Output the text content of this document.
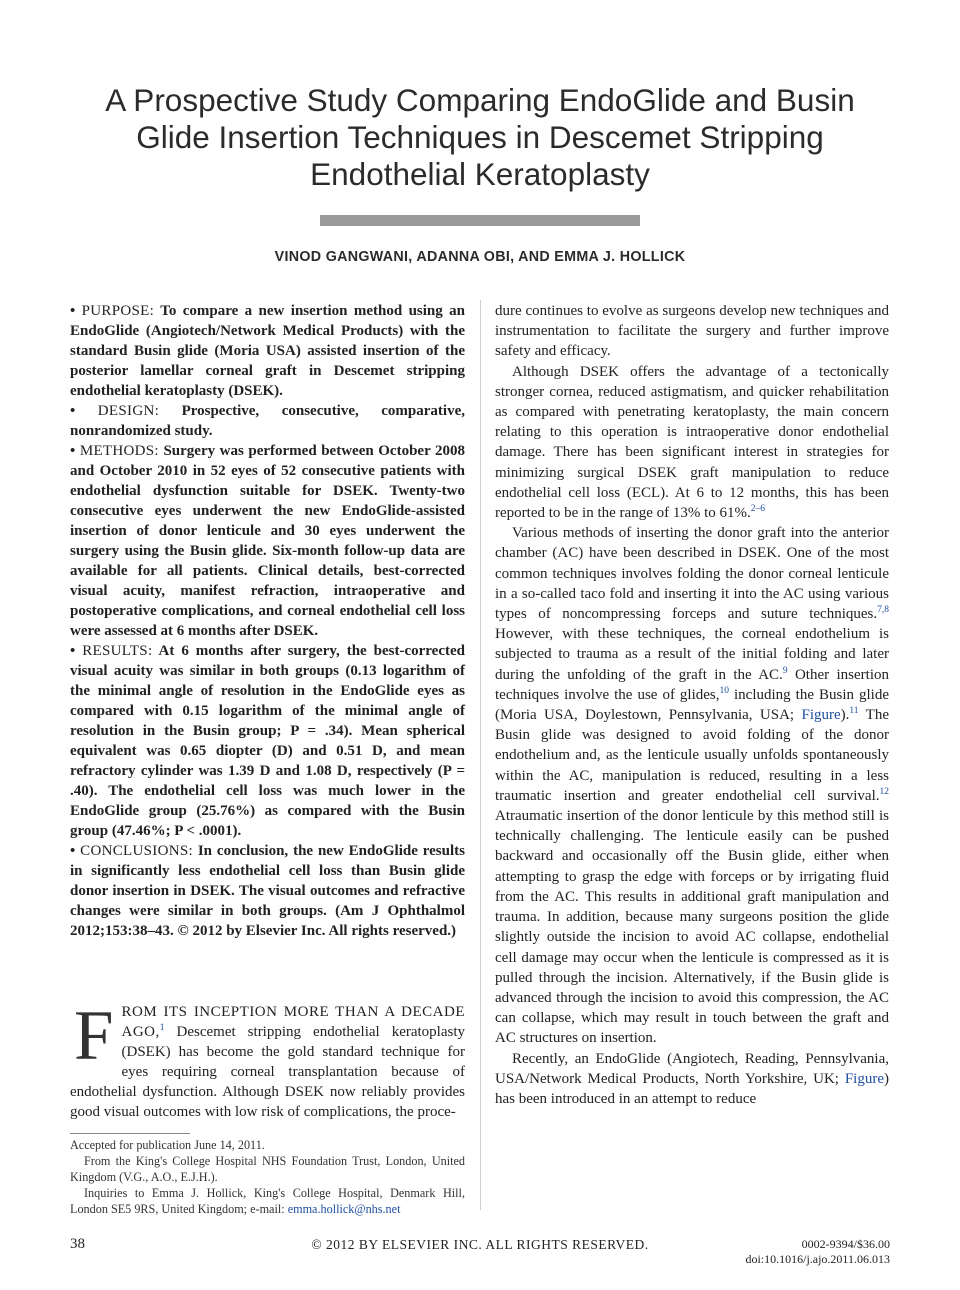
A Prospective Study Comparing EndoGlide and Busin
Glide Insertion Techniques in Descemet Stripping
Endothelial Keratoplasty
VINOD GANGWANI, ADANNA OBI, AND EMMA J. HOLLICK

• PURPOSE: To compare a new insertion method using an EndoGlide (Angiotech/Network Medical Products) with the standard Busin glide (Moria USA) assisted insertion of the posterior lamellar corneal graft in Descemet stripping endothelial keratoplasty (DSEK).

• DESIGN: Prospective, consecutive, comparative, nonrandomized study.

• METHODS: Surgery was performed between October 2008 and October 2010 in 52 eyes of 52 consecutive patients with endothelial dysfunction suitable for DSEK. Twenty-two consecutive eyes underwent the new EndoGlide-assisted insertion of donor lenticule and 30 eyes underwent the surgery using the Busin glide. Six-month follow-up data are available for all patients. Clinical details, best-corrected visual acuity, manifest refraction, intraoperative and postoperative complications, and corneal endothelial cell loss were assessed at 6 months after DSEK.

• RESULTS: At 6 months after surgery, the best-corrected visual acuity was similar in both groups (0.13 logarithm of the minimal angle of resolution in the EndoGlide eyes as compared with 0.15 logarithm of the minimal angle of resolution in the Busin group; P = .34). Mean spherical equivalent was 0.65 diopter (D) and 0.51 D, and mean refractory cylinder was 1.39 D and 1.08 D, respectively (P = .40). The endothelial cell loss was much lower in the EndoGlide group (25.76%) as compared with the Busin group (47.46%; P < .0001).

• CONCLUSIONS: In conclusion, the new EndoGlide results in significantly less endothelial cell loss than Busin glide donor insertion in DSEK. The visual outcomes and refractive changes were similar in both groups. (Am J Ophthalmol 2012;153:38–43. © 2012 by Elsevier Inc. All rights reserved.)

FROM ITS INCEPTION MORE THAN A DECADE AGO,$^1$ Descemet stripping endothelial keratoplasty (DSEK) has become the gold standard technique for eyes requiring corneal transplantation because of endothelial dysfunction. Although DSEK now reliably provides good visual outcomes with low risk of complications, the proce-

Accepted for publication June 14, 2011.

From the King's College Hospital NHS Foundation Trust, London, United Kingdom (V.G., A.O., E.J.H.).

Inquiries to Emma J. Hollick, King's College Hospital, Denmark Hill, London SE5 9RS, United Kingdom; e-mail: emma.hollick@nhs.net

dure continues to evolve as surgeons develop new techniques and instrumentation to facilitate the surgery and further improve safety and efficacy.

Although DSEK offers the advantage of a tectonically stronger cornea, reduced astigmatism, and quicker rehabilitation as compared with penetrating keratoplasty, the main concern relating to this operation is intraoperative donor endothelial damage. There has been significant interest in strategies for minimizing surgical DSEK graft manipulation to reduce endothelial cell loss (ECL). At 6 to 12 months, this has been reported to be in the range of 13% to 61%.$^{2-6}$

Various methods of inserting the donor graft into the anterior chamber (AC) have been described in DSEK. One of the most common techniques involves folding the donor corneal lenticule in a so-called taco fold and inserting it into the AC using various types of noncompressing forceps and suture techniques.$^{7,8}$ However, with these techniques, the corneal endothelium is subjected to trauma as a result of the initial folding and later during the unfolding of the graft in the AC.$^9$ Other insertion techniques involve the use of glides,$^{10}$ including the Busin glide (Moria USA, Doylestown, Pennsylvania, USA; Figure).$^{11}$ The Busin glide was designed to avoid folding of the donor endothelium and, as the lenticule usually unfolds spontaneously within the AC, manipulation is reduced, resulting in a less traumatic insertion and greater endothelial cell survival.$^{12}$ Atraumatic insertion of the donor lenticule by this method still is technically challenging. The lenticule easily can be pushed backward and occasionally off the Busin glide, either when attempting to grasp the edge with forceps or by irrigating fluid from the AC. This results in additional graft manipulation and trauma. In addition, because many surgeons position the glide slightly outside the incision to avoid AC collapse, endothelial cell damage may occur when the lenticule is compressed as it is pulled through the incision. Alternatively, if the Busin glide is advanced through the incision to avoid this compression, the AC can collapse, which may result in touch between the graft and AC structures on insertion.

Recently, an EndoGlide (Angiotech, Reading, Pennsylvania, USA/Network Medical Products, North Yorkshire, UK; Figure) has been introduced in an attempt to reduce

38	© 2012 BY ELSEVIER INC. ALL RIGHTS RESERVED.	0002-9394/$36.00
doi:10.1016/j.ajo.2011.06.013
